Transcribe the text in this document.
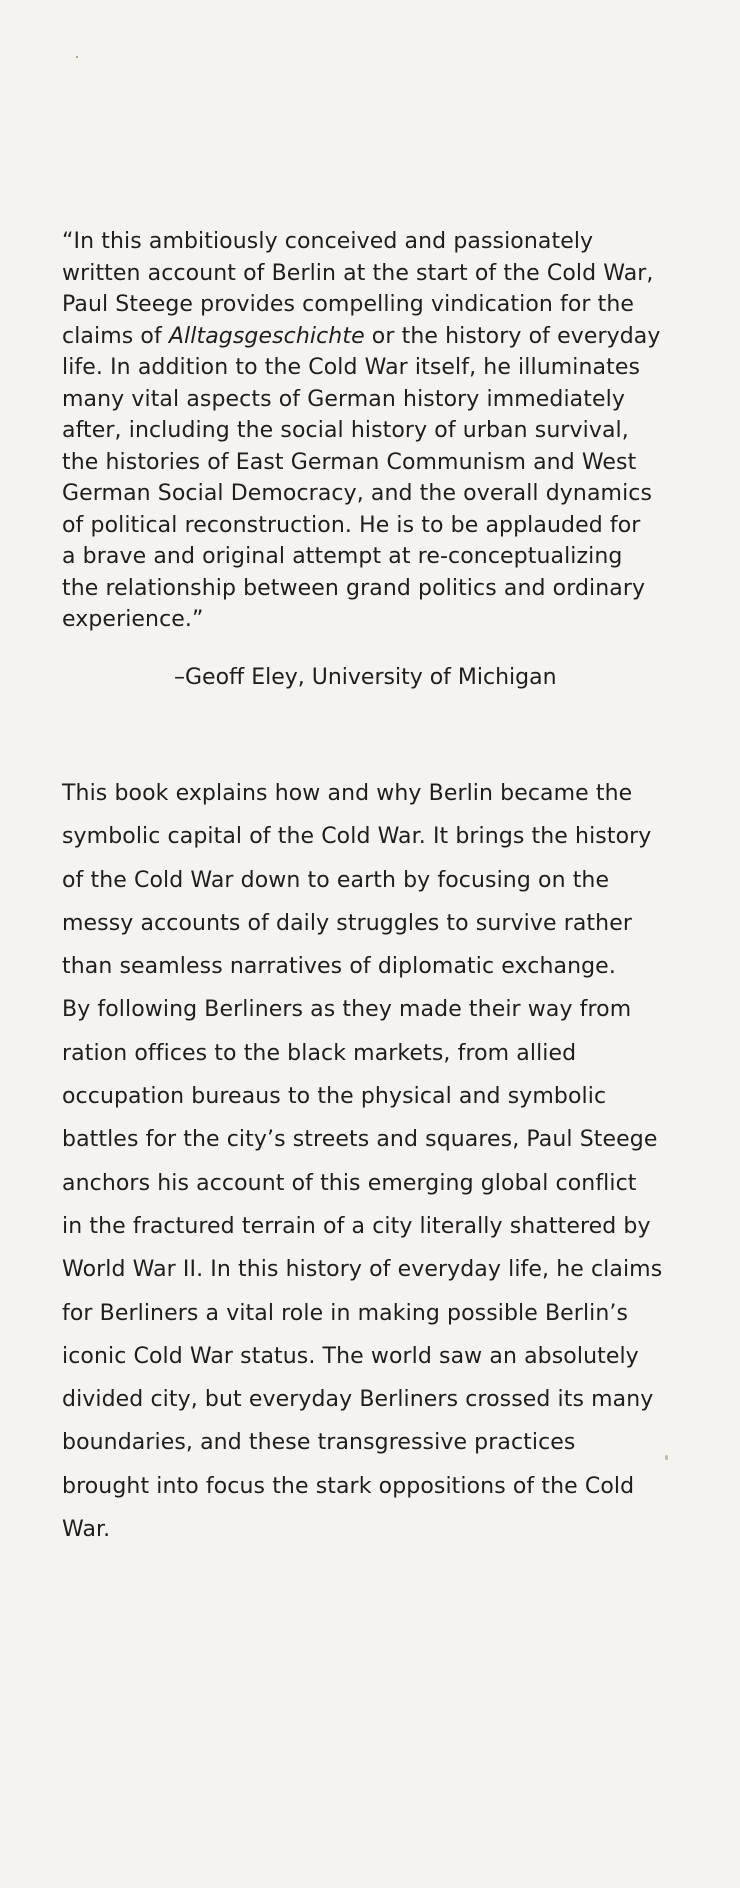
“In this ambitiously conceived and passionately
written account of Berlin at the start of the Cold War,
Paul Steege provides compelling vindication for the
claims of Alltagsgeschichte or the history of everyday
life. In addition to the Cold War itself, he illuminates
many vital aspects of German history immediately
after, including the social history of urban survival,
the histories of East German Communism and West
German Social Democracy, and the overall dynamics
of political reconstruction. He is to be applauded for
a brave and original attempt at re-conceptualizing
the relationship between grand politics and ordinary
experience.”
–Geoff Eley, University of Michigan
This book explains how and why Berlin became the
symbolic capital of the Cold War. It brings the history
of the Cold War down to earth by focusing on the
messy accounts of daily struggles to survive rather
than seamless narratives of diplomatic exchange.
By following Berliners as they made their way from
ration offices to the black markets, from allied
occupation bureaus to the physical and symbolic
battles for the city’s streets and squares, Paul Steege
anchors his account of this emerging global conflict
in the fractured terrain of a city literally shattered by
World War II. In this history of everyday life, he claims
for Berliners a vital role in making possible Berlin’s
iconic Cold War status. The world saw an absolutely
divided city, but everyday Berliners crossed its many
boundaries, and these transgressive practices
brought into focus the stark oppositions of the Cold
War.
